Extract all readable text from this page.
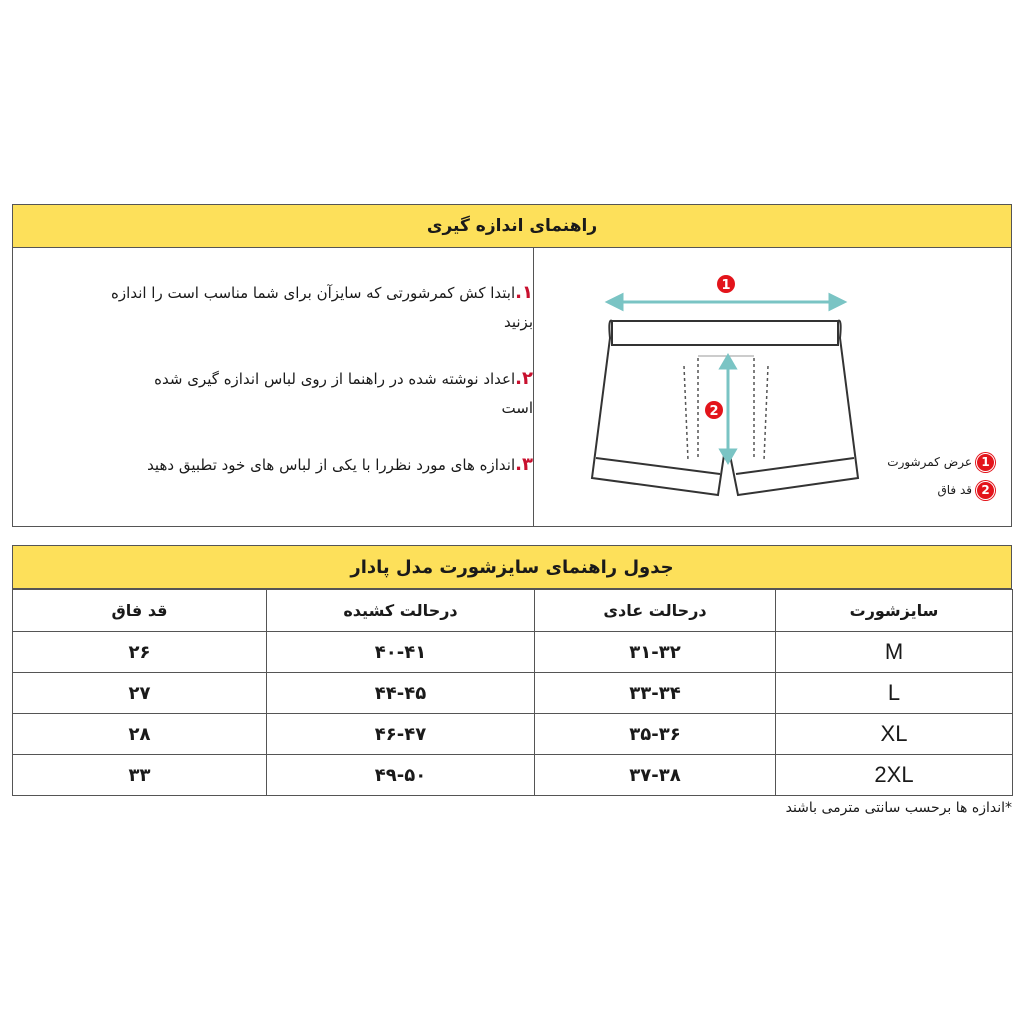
راهنمای اندازه گیری
۱.ابتدا کش کمرشورتی که سایزآن برای شما مناسب است را اندازه بزنید
۲.اعداد نوشته شده در راهنما از روی لباس اندازه گیری شده است
۳.اندازه های مورد نظررا با یکی از لباس های خود تطبیق دهید
1
2
1
عرض کمرشورت
2
قد فاق
جدول راهنمای سایزشورت مدل پادار
سایزشورت	درحالت عادی	درحالت کشیده	قد فاق
M	۳۱-۳۲	۴۰-۴۱	۲۶
L	۳۳-۳۴	۴۴-۴۵	۲۷
XL	۳۵-۳۶	۴۶-۴۷	۲۸
2XL	۳۷-۳۸	۴۹-۵۰	۳۳
*اندازه ها برحسب سانتی مترمی باشند
